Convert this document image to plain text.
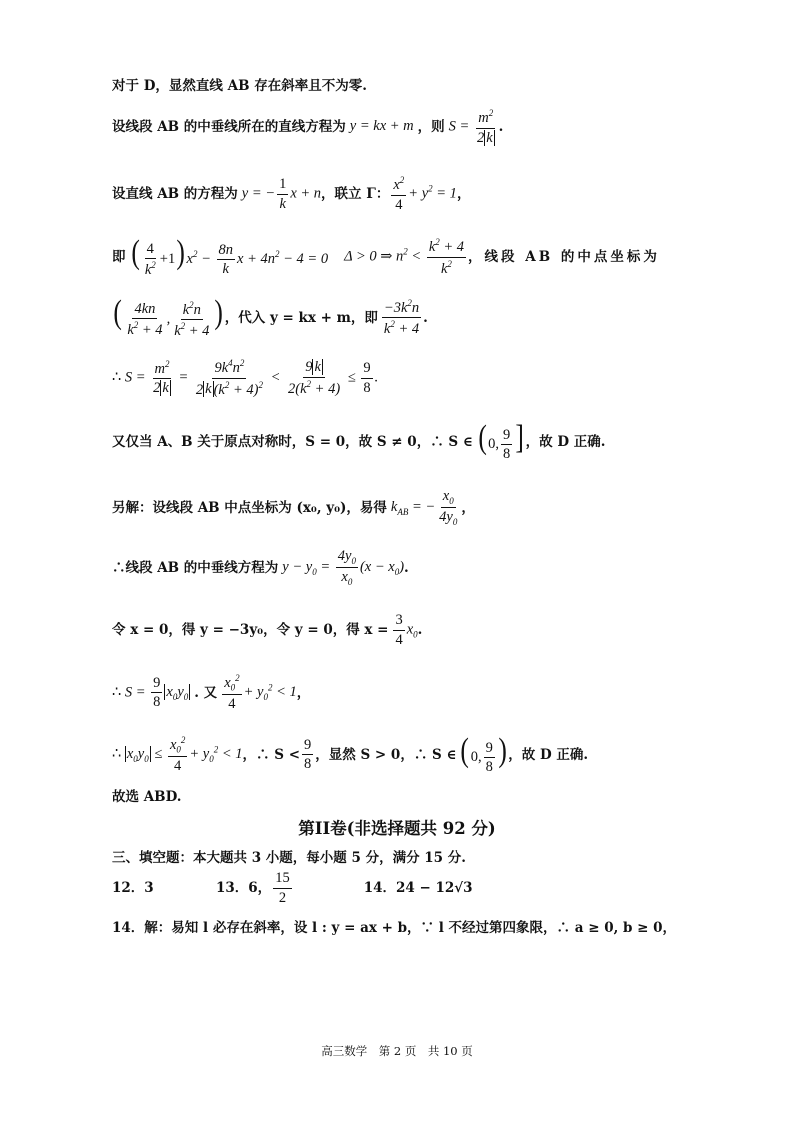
对于 D，显然直线 AB 存在斜率且不为零.
设线段 AB 的中垂线所在的直线方程为 y = kx + m ，则 $S = \frac{m^2}{2 k}$ .
设直线 AB 的方程为 y = − $\frac{1}{k}$ x + n ，联立 Γ： $\frac{x^2}{4} + y^2 = 1$ ，
即 ( $\frac{4}{k^2} +1)x^2 - \frac{8n}{k}$ $x + 4n^2 - 4 = 0$ Δ > 0 ⇒ $n^2 < \frac{k^2 + 4}{k^2}$ ，线段 AB 的中点坐标为
( $\frac{4kn}{k^2 + 4}$ , $\frac{k^2n}{k^2 + 4}$ ) ，代入 y = kx + m，即 $\frac{-3k^2n}{k^2 + 4}$ .
∴ $S = \frac{m^2}{2 k} = \frac{9k^4n^2}{2 k (k^2 + 4)^2} < \frac{9 k}{2(k^2 + 4)} \le \frac{9}{8}$ .
又仅当 A、B 关于原点对称时，S = 0，故 S ≠ 0，∴ S ∈ (0, $\frac{9}{8}$ ] ，故 D 正确.
另解：设线段 AB 中点坐标为 (x₀, y₀)，易得 $k_{AB}$ = − $\frac{x_0}{4y_0}$ ，
∴线段 AB 的中垂线方程为 $y - y_0 = \frac{4y_0}{x_0} (x - x_0)$ .
令 x = 0，得 y = −3y₀，令 y = 0，得 $x = \frac{3}{4} x_0$ .
∴ $S = \frac{9}{8} x_0y_0$ . 又 $\frac{x_0^2}{4} + y_0^2 < 1$ ，
∴ $x_0y_0 \le \frac{x_0^2}{4} + y_0^2 < 1$ ，∴ $S < \frac{9}{8}$ ，显然 S > 0，∴ S ∈ (0, $\frac{9}{8}$ ) ，故 D 正确.
故选 ABD.
第II卷(非选择题共 92 分)
三、填空题：本大题共 3 小题，每小题 5 分，满分 15 分.
12．3	13．6， $\frac{15}{2}$	14．24 − 12√3
14．解：易知 l 必存在斜率，设 l : y = ax + b，∵ l 不经过第四象限，∴ a ≥ 0, b ≥ 0，
高三数学　第 2 页　共 10 页
